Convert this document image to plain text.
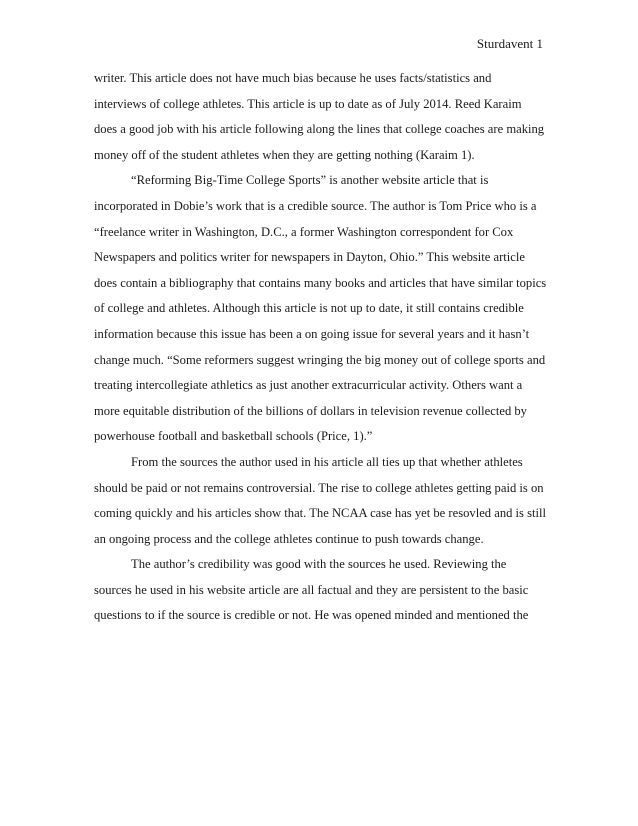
Sturdavent 1
writer. This article does not have much bias because he uses facts/statistics and
interviews of college athletes. This article is up to date as of July 2014. Reed Karaim
does a good job with his article following along the lines that college coaches are making
money off of the student athletes when they are getting nothing (Karaim 1).
“Reforming Big-Time College Sports” is another website article that is
incorporated in Dobie’s work that is a credible source. The author is Tom Price who is a
“freelance writer in Washington, D.C., a former Washington correspondent for Cox
Newspapers and politics writer for newspapers in Dayton, Ohio.” This website article
does contain a bibliography that contains many books and articles that have similar topics
of college and athletes. Although this article is not up to date, it still contains credible
information because this issue has been a on going issue for several years and it hasn’t
change much. “Some reformers suggest wringing the big money out of college sports and
treating intercollegiate athletics as just another extracurricular activity. Others want a
more equitable distribution of the billions of dollars in television revenue collected by
powerhouse football and basketball schools (Price, 1).”
From the sources the author used in his article all ties up that whether athletes
should be paid or not remains controversial. The rise to college athletes getting paid is on
coming quickly and his articles show that. The NCAA case has yet be resovled and is still
an ongoing process and the college athletes continue to push towards change.
The author’s credibility was good with the sources he used. Reviewing the
sources he used in his website article are all factual and they are persistent to the basic
questions to if the source is credible or not. He was opened minded and mentioned the
